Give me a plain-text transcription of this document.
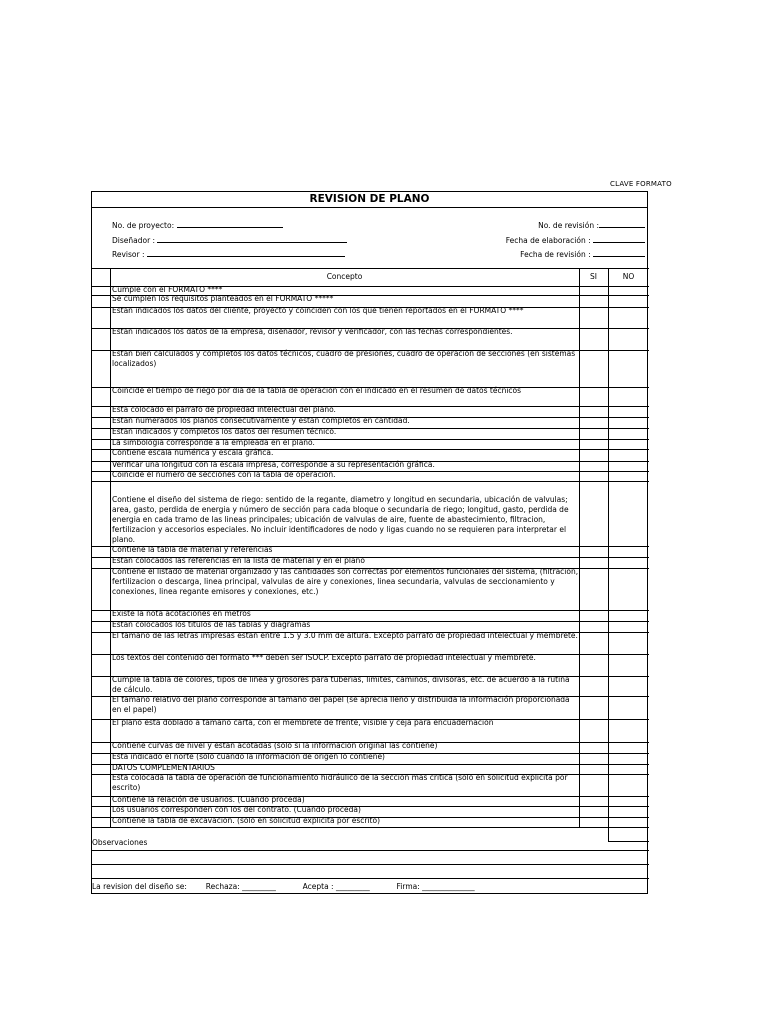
CLAVE FORMATO
REVISION DE PLANO
No. de proyecto:
Diseñador :
Revisor :
No. de revisión :
Fecha de elaboración :
Fecha de revisión :
Concepto	SI	NO
Cumple con el FORMATO ****
Se cumplen los requisitos planteados en el FORMATO *****
Estan indicados los datos del cliente, proyecto y coinciden con los que tienen reportados en el FORMATO ****
Estan indicados los datos de la empresa, diseñador, revisor y verificador, con las fechas correspondientes.
Estan bien calculados y completos los datos técnicos, cuadro de presiones, cuadro de operacion de secciones (en sistemas localizados)
Coincide el tiempo de riego por dia de la tabla de operacion con el indicado en el resumen de datos técnicos
Esta colocado el parrafo de propiedad intelectual del plano.
Estan numerados los planos consecutivamente y estan completos en cantidad.
Estan indicados y completos los datos del resumen técnico.
La simbologia corresponde a la empleada en el plano.
Contiene escala numérica y escala gráfica.
Verificar una longitud con la escala impresa, corresponde a su representación gráfica.
Coincide el numero de secciones con la tabla de operacion.
Contiene el diseño del sistema de riego: sentido de la regante, diametro y longitud en secundaria, ubicación de valvulas; area, gasto, perdida de energia y número de sección para cada bloque o secundaria de riego; longitud, gasto, perdida de energia en cada tramo de las lineas principales; ubicación de valvulas de aire, fuente de abastecimiento, filtracion, fertilizacion y accesorios especiales. No incluir identificadores de nodo y ligas cuando no se requieren para interpretar el plano.
Contiene la tabla de material y referencias
Estan colocados las referencias en la lista de material y en el plano
Contiene el listado de material organizado y las cantidades son correctas por elementos funcionales del sistema, (filtracion, fertilizacion o descarga, linea principal, valvulas de aire y conexiones, linea secundaria, valvulas de seccionamiento y conexiones, linea regante emisores y conexiones, etc.)
Existe la nota acotaciones en metros
Estan colocados los titulos de las tablas y diagramas
El tamaño de las letras impresas estan entre 1.5 y 3.0 mm de altura. Excepto parrafo de propiedad intelectual y membrete.
Los textos del contenido del formato *** deben ser ISOCP. Excepto parrafo de propiedad intelectual y membrete.
Cumple la tabla de colores, tipos de linea y grosores para tuberias, limites, caminos, divisoras, etc. de acuerdo a la rutina de cálculo.
El tamaño relativo del plano corresponde al tamaño del papel (se aprecia lleno y distribuida la información proporcionada en el papel)
El plano esta doblado a tamaño carta, con el membrete de frente, visible y ceja para encuadernacion
Contiene curvas de nivel y estan acotadas (solo si la informacion original las contiene)
Esta indicado el norte (solo cuando la informacion de origen lo contiene)
DATOS COMPLEMENTARIOS
Esta colocada la tabla de operación de funcionamiento hidráulico de la seccion mas critica (solo en solicitud explicita por escrito)
Contiene la relación de usuarios. (Cuando proceda)
Los usuarios corresponden con los del contrato. (Cuando proceda)
Contiene la tabla de excavacion. (solo en solicitud explicita por escrito)
Observaciones
La revision del diseño se:	Rechaza: _________	Acepta : _________	Firma: ______________
